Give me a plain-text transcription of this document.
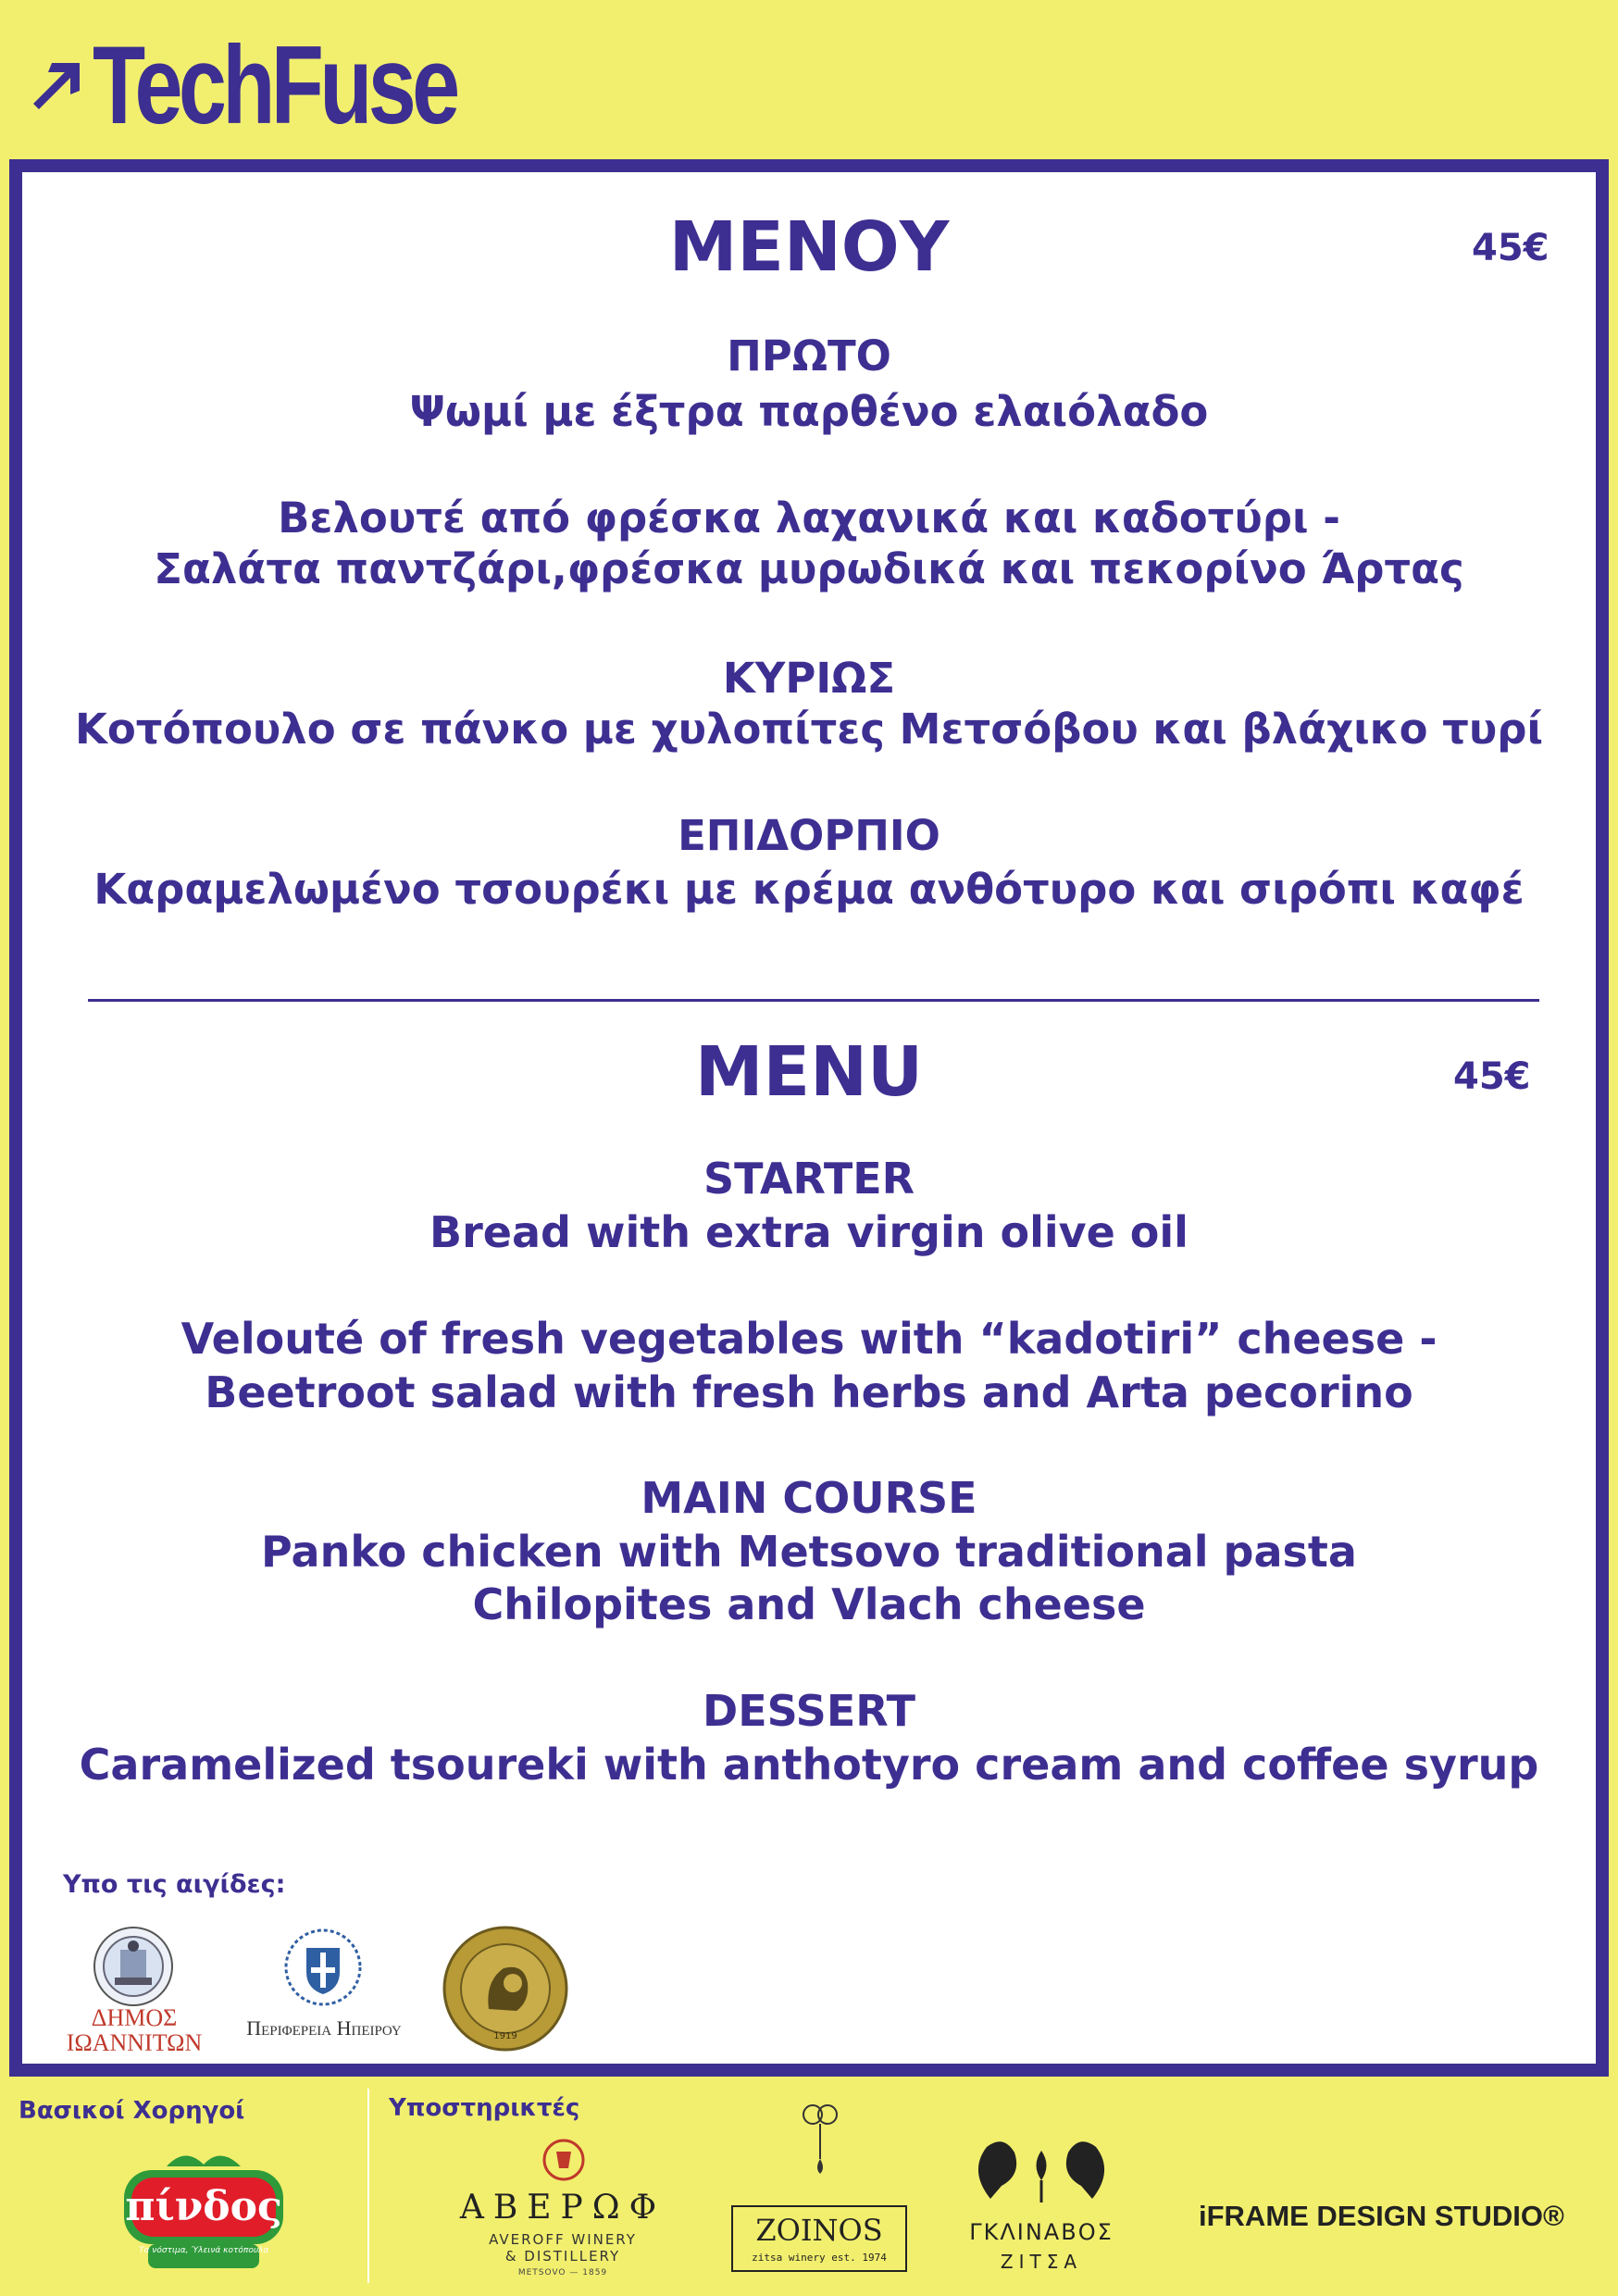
TechFuse
ΜΕΝΟΥ	45€
ΠΡΩΤΟ
Ψωμί με έξτρα παρθένο ελαιόλαδο
Βελουτέ από φρέσκα λαχανικά και καδοτύρι -
Σαλάτα παντζάρι,φρέσκα μυρωδικά και πεκορίνο Άρτας
ΚΥΡΙΩΣ
Κοτόπουλο σε πάνκο με χυλοπίτες Μετσόβου και βλάχικο τυρί
ΕΠΙΔΟΡΠΙΟ
Καραμελωμένο τσουρέκι με κρέμα ανθότυρο και σιρόπι καφέ
MENU	45€
STARTER
Bread with extra virgin olive oil
Velouté of fresh vegetables with “kadotiri” cheese -
Beetroot salad with fresh herbs and Arta pecorino
MAIN COURSE
Panko chicken with Metsovo traditional pasta
Chilopites and Vlach cheese
DESSERT
Caramelized tsoureki with anthotyro cream and coffee syrup
Υπο τις αιγίδες:
ΔΗΜΟΣ
ΙΩΑΝΝΙΤΩΝ
Περιφερεια Ηπειρου	1919
Βασικοί Χορηγοί	Υποστηρικτές
πίνδος
Τα νόστιμα, Ύλεινά κοτόπουλα
ΑΒΕΡΩΦ
AVEROFF WINERY
& DISTILLERY
METSOVO — 1859
ZOINOS
zitsa winery est. 1974
ΓΚΛΙΝΑΒΟΣ
ΖΙΤΣΑ
iFRAME DESIGN STUDIO®
